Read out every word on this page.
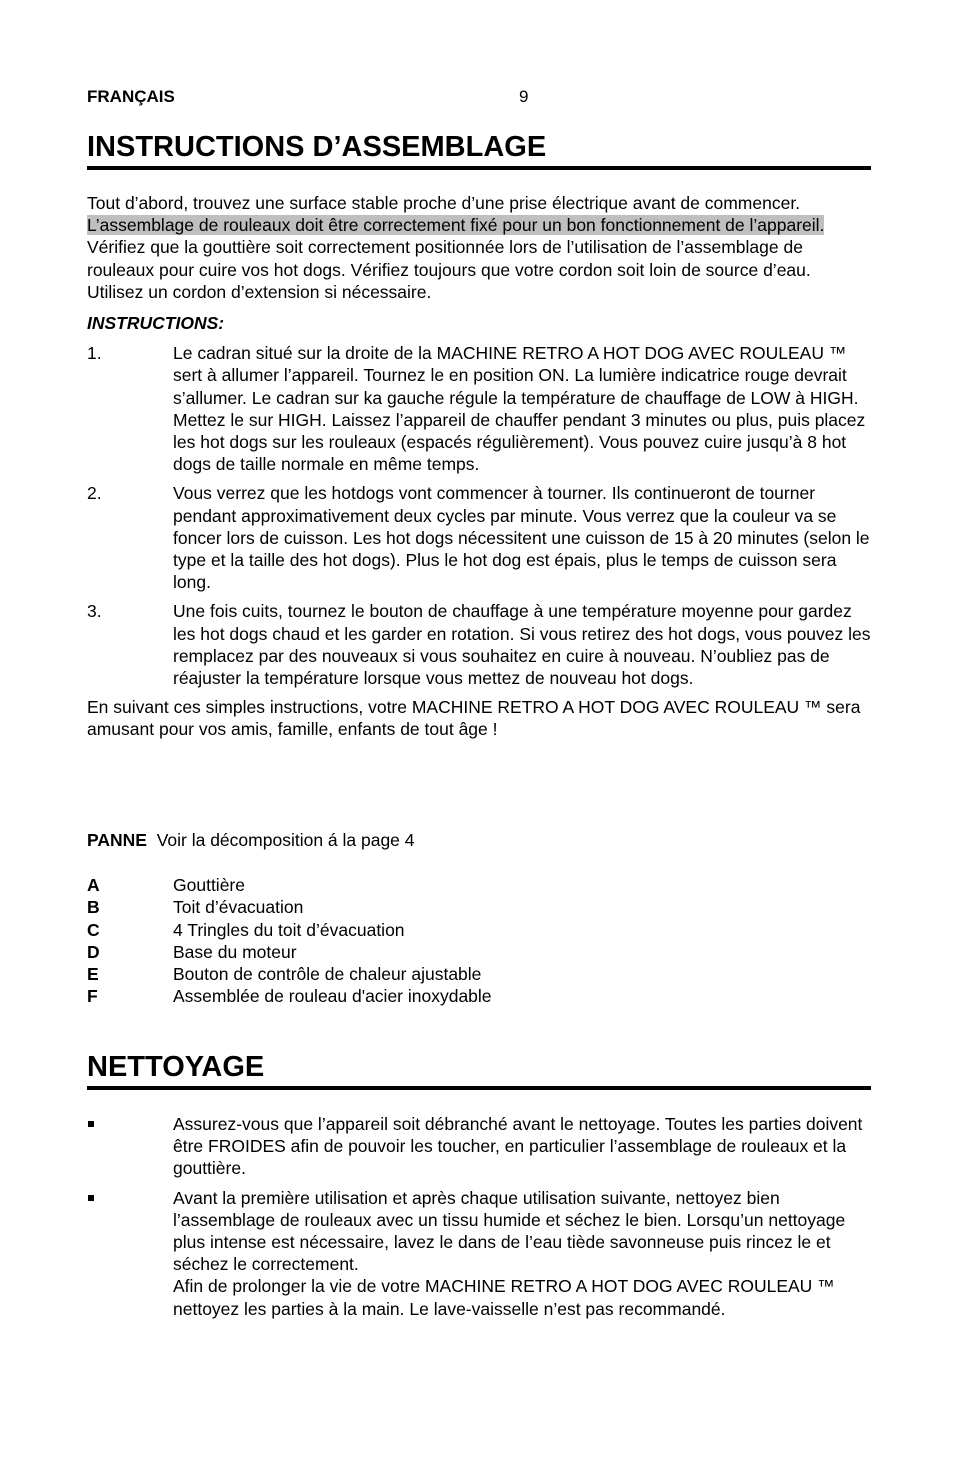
FRANÇAIS	9
INSTRUCTIONS D’ASSEMBLAGE

Tout d’abord, trouvez une surface stable proche d’une prise électrique avant de commencer. L’assemblage de rouleaux doit être correctement fixé pour un bon fonctionnement de l’appareil. Vérifiez que la gouttière soit correctement positionnée lors de l’utilisation de l’assemblage de rouleaux pour cuire vos hot dogs. Vérifiez toujours que votre cordon soit loin de source d’eau. Utilisez un cordon d’extension si nécessaire.

INSTRUCTIONS:

1.	Le cadran situé sur la droite de la MACHINE RETRO A HOT DOG AVEC ROULEAU ™ sert à allumer l’appareil. Tournez le en position ON. La lumière indicatrice rouge devrait s’allumer. Le cadran sur ka gauche régule la température de chauffage de LOW à HIGH. Mettez le sur HIGH. Laissez l’appareil de chauffer pendant 3 minutes ou plus, puis placez les hot dogs sur les rouleaux (espacés régulièrement). Vous pouvez cuire jusqu’à 8 hot dogs de taille normale en même temps.
2.	Vous verrez que les hotdogs vont commencer à tourner. Ils continueront de tourner pendant approximativement deux cycles par minute. Vous verrez que la couleur va se foncer lors de cuisson. Les hot dogs nécessitent une cuisson de 15 à 20 minutes (selon le type et la taille des hot dogs). Plus le hot dog est épais, plus le temps de cuisson sera long.
3.	Une fois cuits, tournez le bouton de chauffage à une température moyenne pour gardez les hot dogs chaud et les garder en rotation. Si vous retirez des hot dogs, vous pouvez les remplacez par des nouveaux si vous souhaitez en cuire à nouveau. N’oubliez pas de réajuster la température lorsque vous mettez de nouveau hot dogs.

En suivant ces simples instructions, votre MACHINE RETRO A HOT DOG AVEC ROULEAU ™ sera amusant pour vos amis, famille, enfants de tout âge !

PANNE Voir la décomposition á la page 4

A	Gouttière
B	Toit d’évacuation
C	4 Tringles du toit d’évacuation
D	Base du moteur
E	Bouton de contrôle de chaleur ajustable
F	Assemblée de rouleau d'acier inoxydable
NETTOYAGE
Assurez-vous que l’appareil soit débranché avant le nettoyage. Toutes les parties doivent être FROIDES afin de pouvoir les toucher, en particulier l’assemblage de rouleaux et la gouttière.
Avant la première utilisation et après chaque utilisation suivante, nettoyez bien l’assemblage de rouleaux avec un tissu humide et séchez le bien. Lorsqu’un nettoyage plus intense est nécessaire, lavez le dans de l’eau tiède savonneuse puis rincez le et séchez le correctement.
Afin de prolonger la vie de votre MACHINE RETRO A HOT DOG AVEC ROULEAU ™ nettoyez les parties à la main. Le lave-vaisselle n’est pas recommandé.
